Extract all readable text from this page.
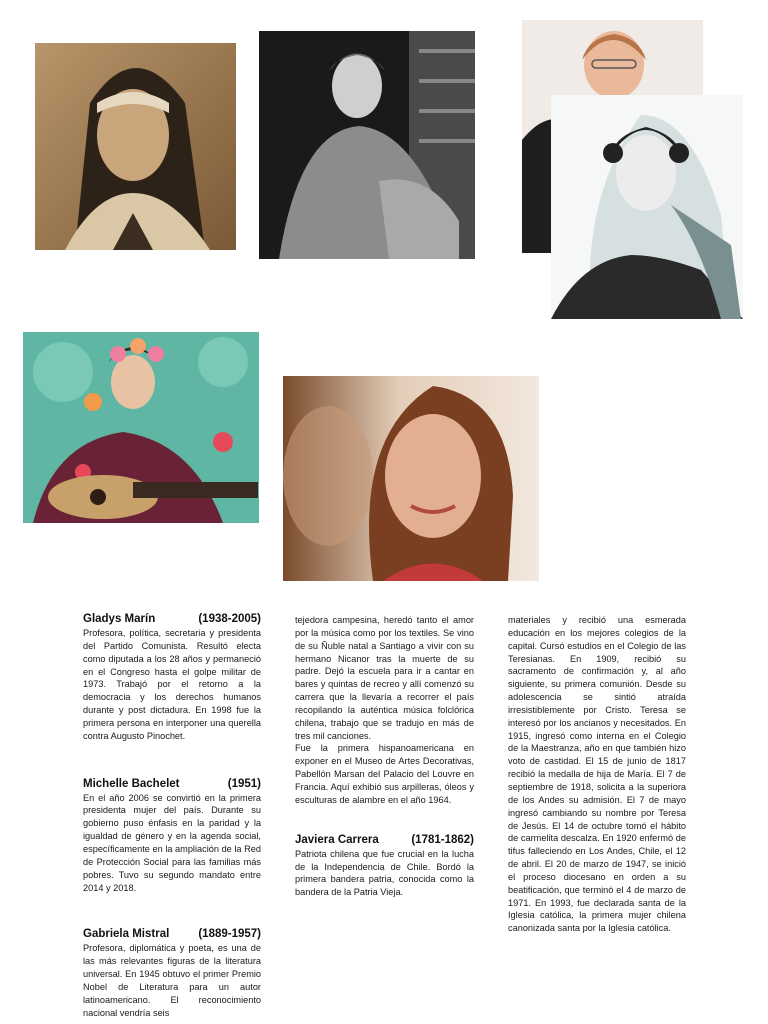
Gladys Marín	(1938-2005)

Profesora, política, secretaria y presidenta del Partido Comunista. Resultó electa como diputada a los 28 años y permaneció en el Congreso hasta el golpe militar de 1973. Trabajó por el retorno a la democracia y los derechos humanos durante y post dictadura. En 1998 fue la primera persona en interponer una querella contra Augusto Pinochet.

Michelle Bachelet	(1951)

En el año 2006 se convirtió en la primera presidenta mujer del país. Durante su gobierno puso énfasis en la paridad y la igualdad de género y en la agenda social, específicamente en la ampliación de la Red de Protección Social para las familias más pobres. Tuvo su segundo mandato entre 2014 y 2018.

Gabriela Mistral	(1889-1957)

Profesora, diplomática y poeta, es una de las más relevantes figuras de la literatura universal. En 1945 obtuvo el primer Premio Nobel de Literatura para un autor latinoamericano. El reconocimiento nacional vendría seis

tejedora campesina, heredó tanto el amor por la música como por los textiles. Se vino de su Ñuble natal a Santiago a vivir con su hermano Nicanor tras la muerte de su padre. Dejó la escuela para ir a cantar en bares y quintas de recreo y allí comenzó su carrera que la llevaría a recorrer el país recopilando la auténtica música folclórica chilena, trabajo que se tradujo en más de tres mil canciones.

Fue la primera hispanoamericana en exponer en el Museo de Artes Decorativas, Pabellón Marsan del Palacio del Louvre en Francia. Aquí exhibió sus arpilleras, óleos y esculturas de alambre en el año 1964.

Javiera Carrera	(1781-1862)

Patriota chilena que fue crucial en la lucha de la Independencia de Chile. Bordó la primera bandera patria, conocida como la bandera de la Patria Vieja.

materiales y recibió una esmerada educación en los mejores colegios de la capital. Cursó estudios en el Colegio de las Teresianas. En 1909, recibió su sacramento de confirmación y, al año siguiente, su primera comunión. Desde su adolescencia se sintió atraída irresistiblemente por Cristo. Teresa se interesó por los ancianos y necesitados. En 1915, ingresó como interna en el Colegio de la Maestranza, año en que también hizo voto de castidad. El 15 de junio de 1817 recibió la medalla de hija de María. El 7 de septiembre de 1918, solicita a la superiora de los Andes su admisión. El 7 de mayo ingresó cambiando su nombre por Teresa de Jesús. El 14 de octubre tomó el hábito de carmelita descalza. En 1920 enfermó de tifus falleciendo en Los Andes, Chile, el 12 de abril. El 20 de marzo de 1947, se inició el proceso diocesano en orden a su beatificación, que terminó el 4 de marzo de 1971. En 1993, fue declarada santa de la Iglesia católica, la primera mujer chilena canonizada santa por la Iglesia católica.
